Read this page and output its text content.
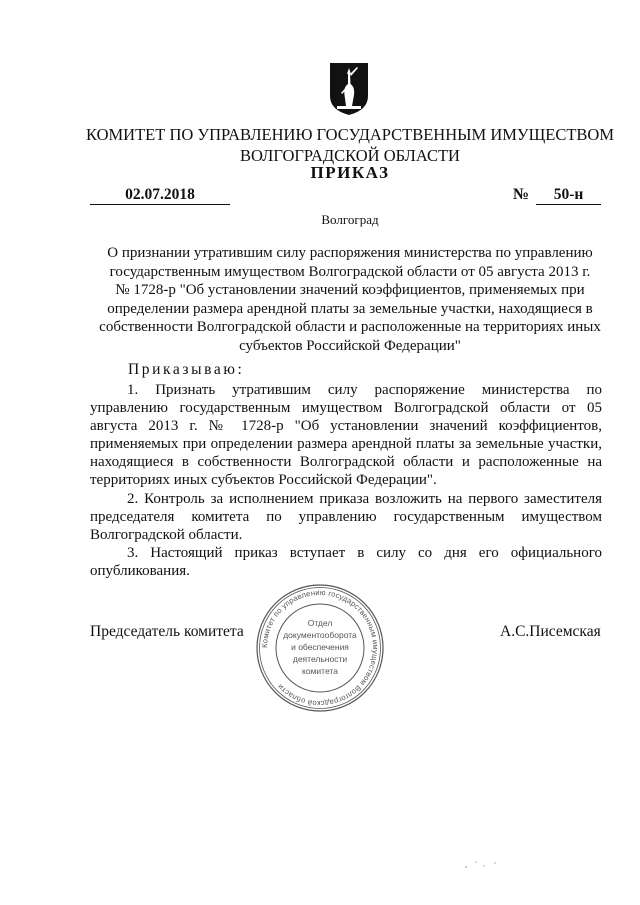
КОМИТЕТ ПО УПРАВЛЕНИЮ ГОСУДАРСТВЕННЫМ ИМУЩЕСТВОМ
ВОЛГОГРАДСКОЙ ОБЛАСТИ
ПРИКАЗ
02.07.2018	№	50-н
Волгоград
О признании утратившим силу распоряжения министерства по управлению
государственным имуществом Волгоградской области от 05 августа 2013 г.
№ 1728-р "Об установлении значений коэффициентов, применяемых при
определении размера арендной платы за земельные участки, находящиеся в
собственности Волгоградской области и расположенные на территориях иных
субъектов Российской Федерации"
Приказываю:

1. Признать утратившим силу распоряжение министерства по управлению государственным имуществом Волгоградской области от 05 августа 2013 г. № 1728-р "Об установлении значений коэффициентов, применяемых при определении размера арендной платы за земельные участки, находящиеся в собственности Волгоградской области и расположенные на территориях иных субъектов Российской Федерации".

2. Контроль за исполнением приказа возложить на первого заместителя председателя комитета по управлению государственным имуществом Волгоградской области.

3. Настоящий приказ вступает в силу со дня его официального опубликования.

Председатель комитета	А.С.Писемская
Комитет по управлению государственным имуществом Волгоградской области
Отдел
документооборота
и обеспечения
деятельности
комитета
